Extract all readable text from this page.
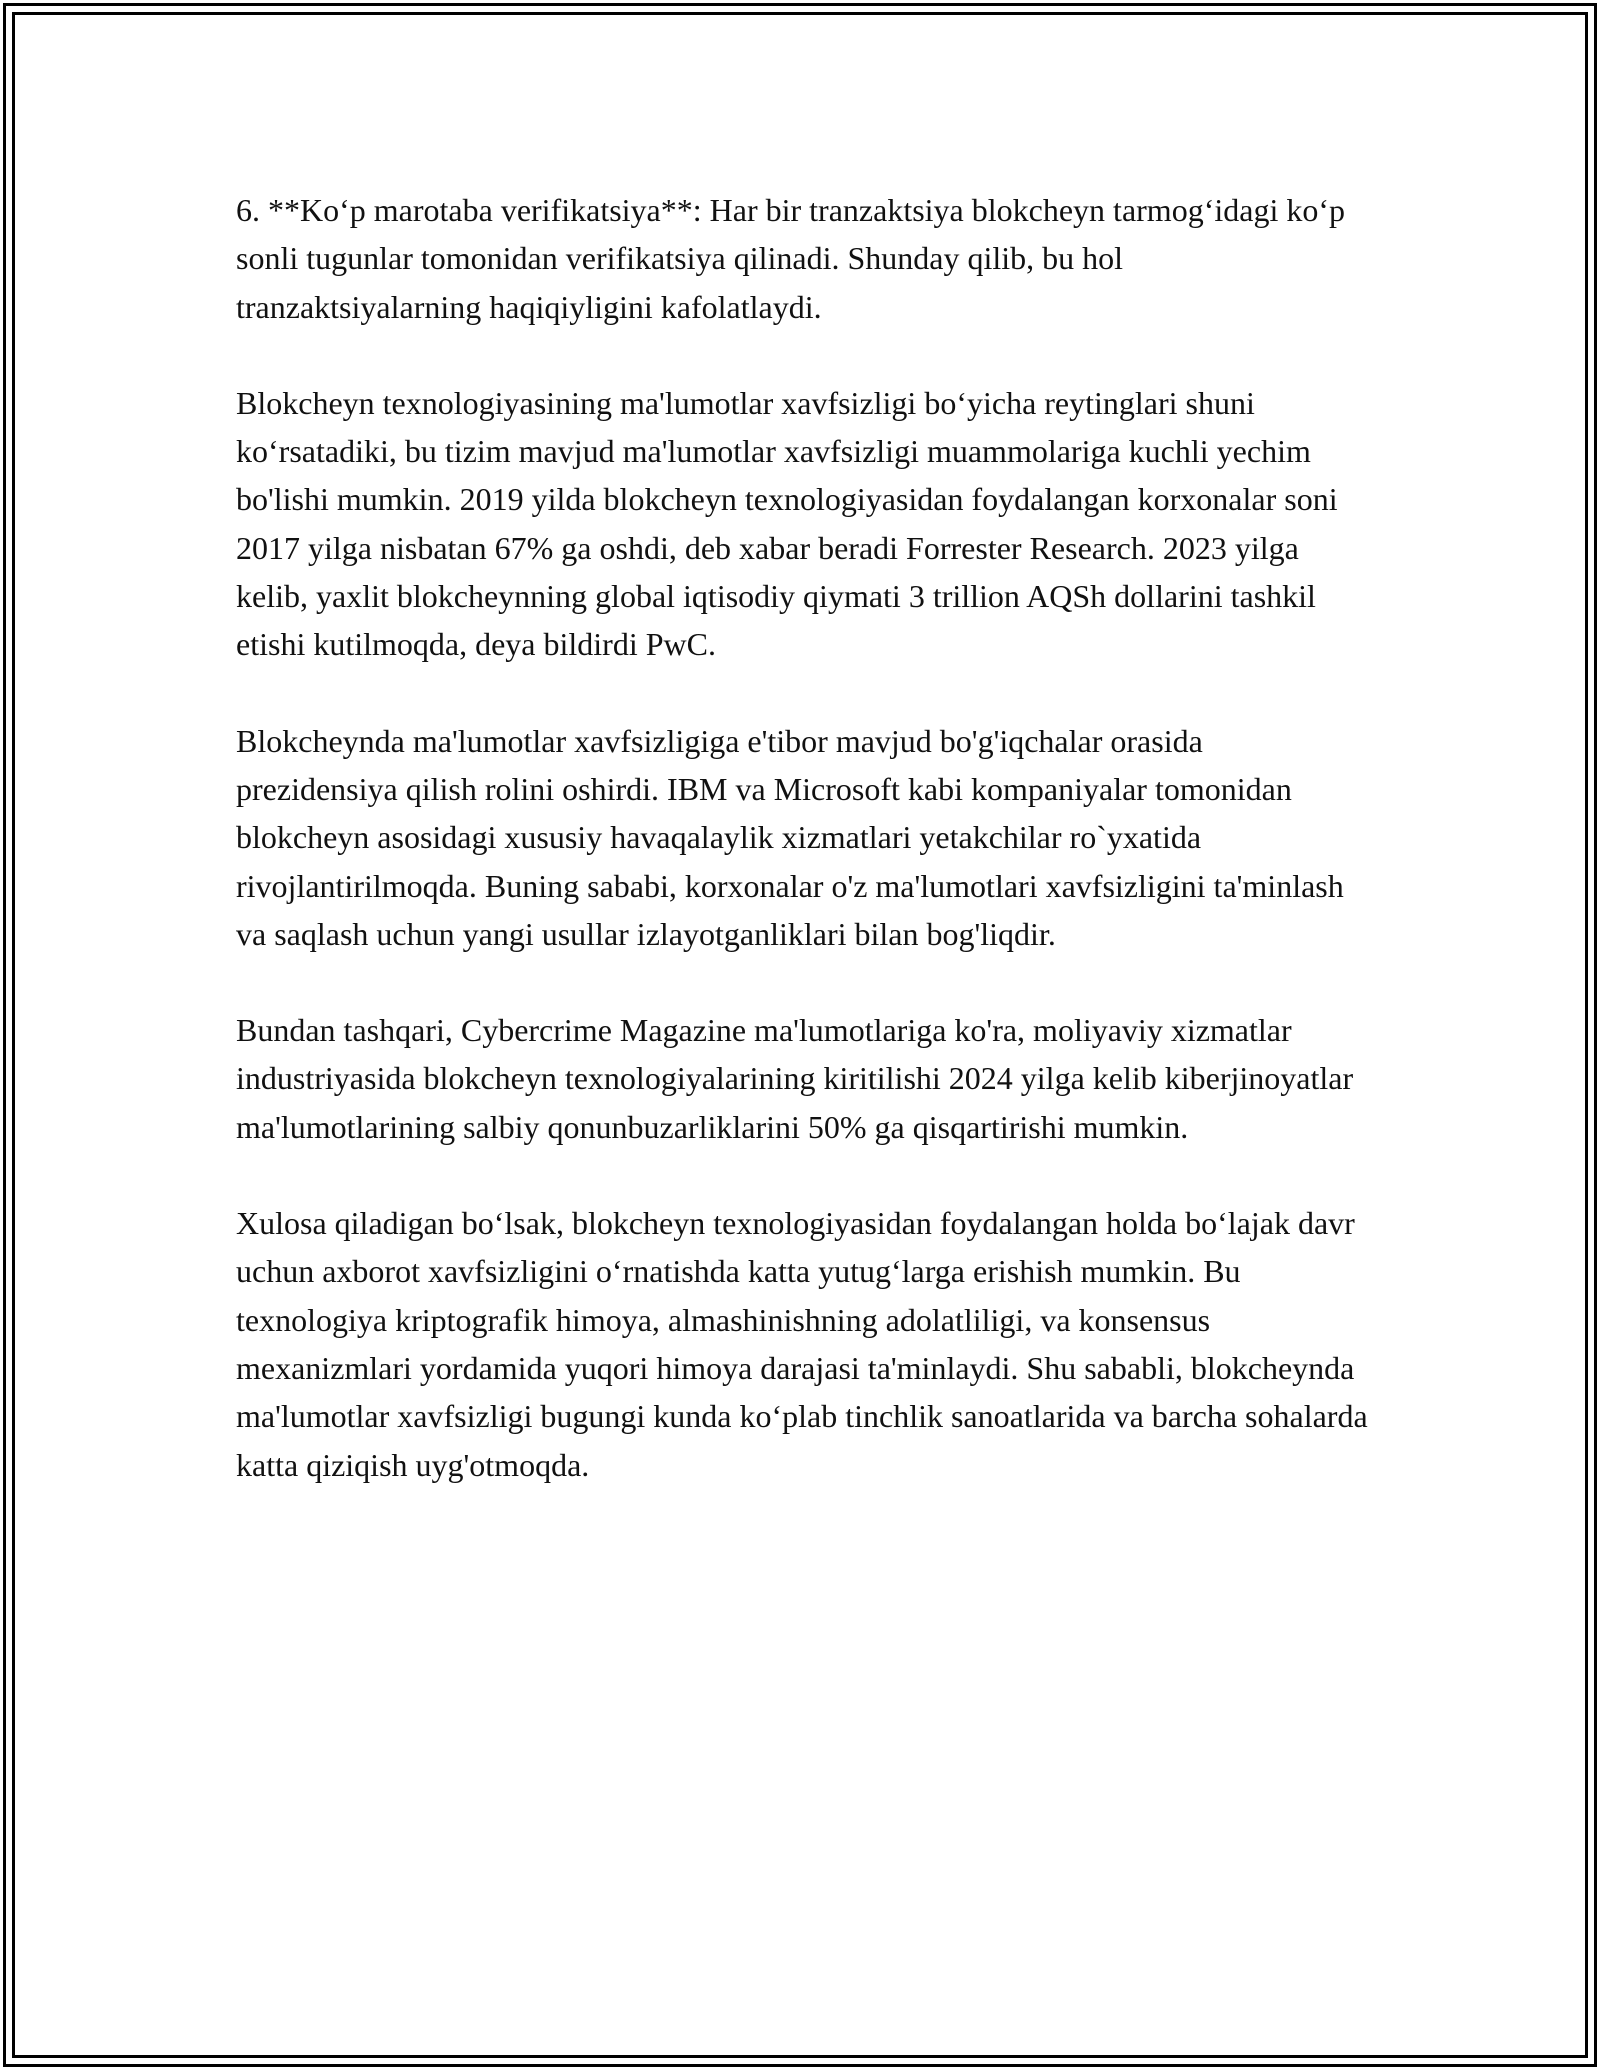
6. **Ko‘p marotaba verifikatsiya**: Har bir tranzaktsiya blokcheyn tarmog‘idagi ko‘p sonli tugunlar tomonidan verifikatsiya qilinadi. Shunday qilib, bu hol tranzaktsiyalarning haqiqiyligini kafolatlaydi.

Blokcheyn texnologiyasining ma'lumotlar xavfsizligi bo‘yicha reytinglari shuni ko‘rsatadiki, bu tizim mavjud ma'lumotlar xavfsizligi muammolariga kuchli yechim bo'lishi mumkin. 2019 yilda blokcheyn texnologiyasidan foydalangan korxonalar soni 2017 yilga nisbatan 67% ga oshdi, deb xabar beradi Forrester Research. 2023 yilga kelib, yaxlit blokcheynning global iqtisodiy qiymati 3 trillion AQSh dollarini tashkil etishi kutilmoqda, deya bildirdi PwC.

Blokcheynda ma'lumotlar xavfsizligiga e'tibor mavjud bo'g'iqchalar orasida prezidensiya qilish rolini oshirdi. IBM va Microsoft kabi kompaniyalar tomonidan blokcheyn asosidagi xususiy havaqalaylik xizmatlari yetakchilar ro`yxatida rivojlantirilmoqda. Buning sababi, korxonalar o'z ma'lumotlari xavfsizligini ta'minlash va saqlash uchun yangi usullar izlayotganliklari bilan bog'liqdir.

Bundan tashqari, Cybercrime Magazine ma'lumotlariga ko'ra, moliyaviy xizmatlar industriyasida blokcheyn texnologiyalarining kiritilishi 2024 yilga kelib kiberjinoyatlar ma'lumotlarining salbiy qonunbuzarliklarini 50% ga qisqartirishi mumkin.

Xulosa qiladigan bo‘lsak, blokcheyn texnologiyasidan foydalangan holda bo‘lajak davr uchun axborot xavfsizligini o‘rnatishda katta yutug‘larga erishish mumkin. Bu texnologiya kriptografik himoya, almashinishning adolatliligi, va konsensus mexanizmlari yordamida yuqori himoya darajasi ta'minlaydi. Shu sababli, blokcheynda ma'lumotlar xavfsizligi bugungi kunda ko‘plab tinchlik sanoatlarida va barcha sohalarda katta qiziqish uyg'otmoqda.
